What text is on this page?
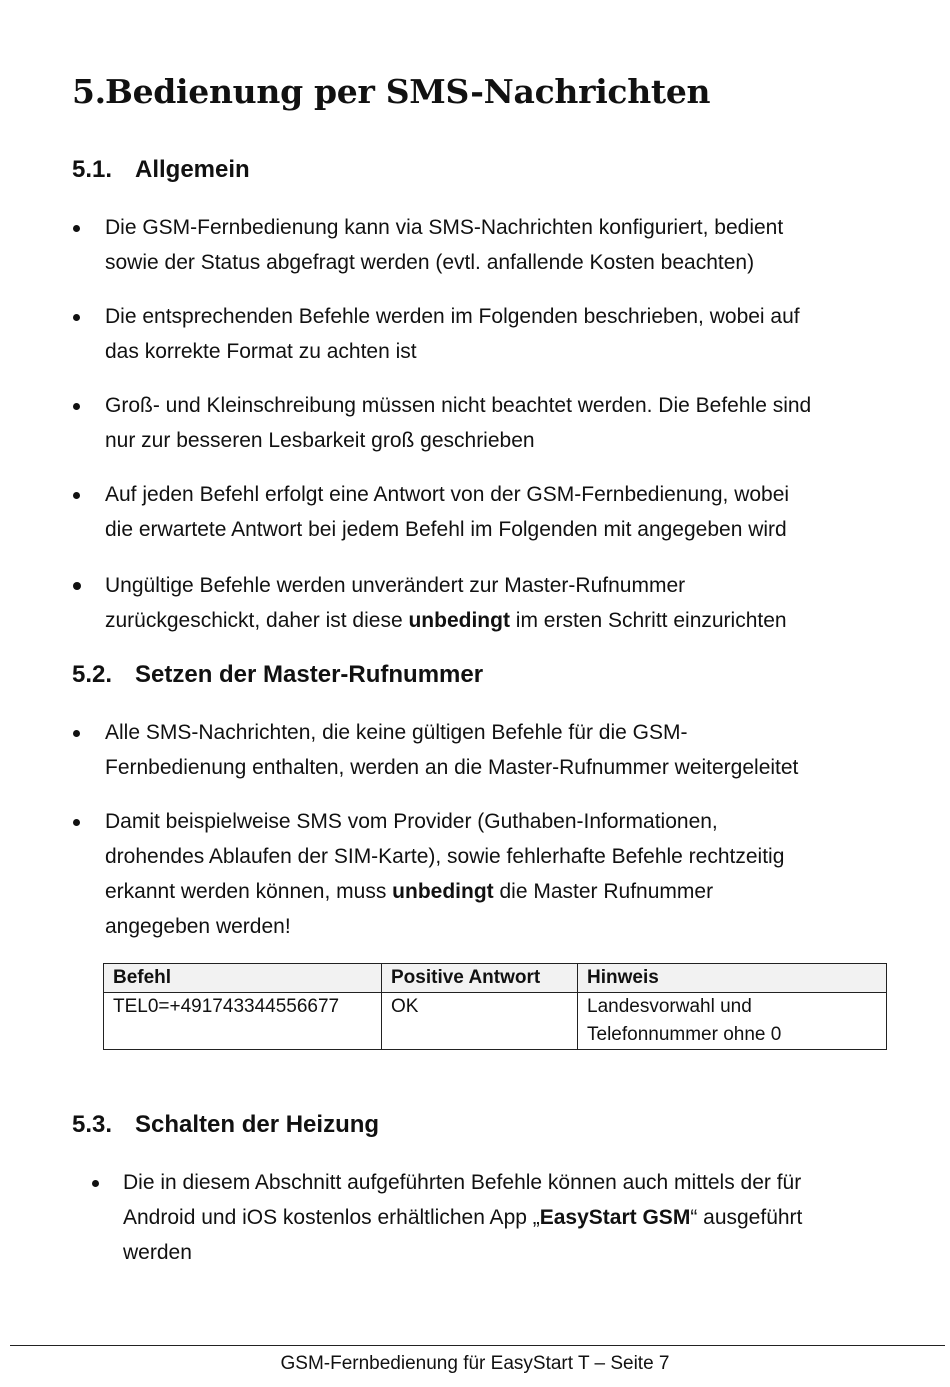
5.Bedienung per SMS-Nachrichten
5.1. Allgemein
Die GSM-Fernbedienung kann via SMS-Nachrichten konfiguriert, bedient
sowie der Status abgefragt werden (evtl. anfallende Kosten beachten)
Die entsprechenden Befehle werden im Folgenden beschrieben, wobei auf
das korrekte Format zu achten ist
Groß- und Kleinschreibung müssen nicht beachtet werden. Die Befehle sind
nur zur besseren Lesbarkeit groß geschrieben
Auf jeden Befehl erfolgt eine Antwort von der GSM-Fernbedienung, wobei
die erwartete Antwort bei jedem Befehl im Folgenden mit angegeben wird
Ungültige Befehle werden unverändert zur Master-Rufnummer
zurückgeschickt, daher ist diese unbedingt im ersten Schritt einzurichten
5.2. Setzen der Master-Rufnummer
Alle SMS-Nachrichten, die keine gültigen Befehle für die GSM-
Fernbedienung enthalten, werden an die Master-Rufnummer weitergeleitet
Damit beispielweise SMS vom Provider (Guthaben-Informationen,
drohendes Ablaufen der SIM-Karte), sowie fehlerhafte Befehle rechtzeitig
erkannt werden können, muss unbedingt die Master Rufnummer
angegeben werden!
Befehl	Positive Antwort	Hinweis
TEL0=+491743344556677	OK	Landesvorwahl und
Telefonnummer ohne 0
5.3. Schalten der Heizung
Die in diesem Abschnitt aufgeführten Befehle können auch mittels der für
Android und iOS kostenlos erhältlichen App „EasyStart GSM“ ausgeführt
werden
GSM-Fernbedienung für EasyStart T – Seite 7
